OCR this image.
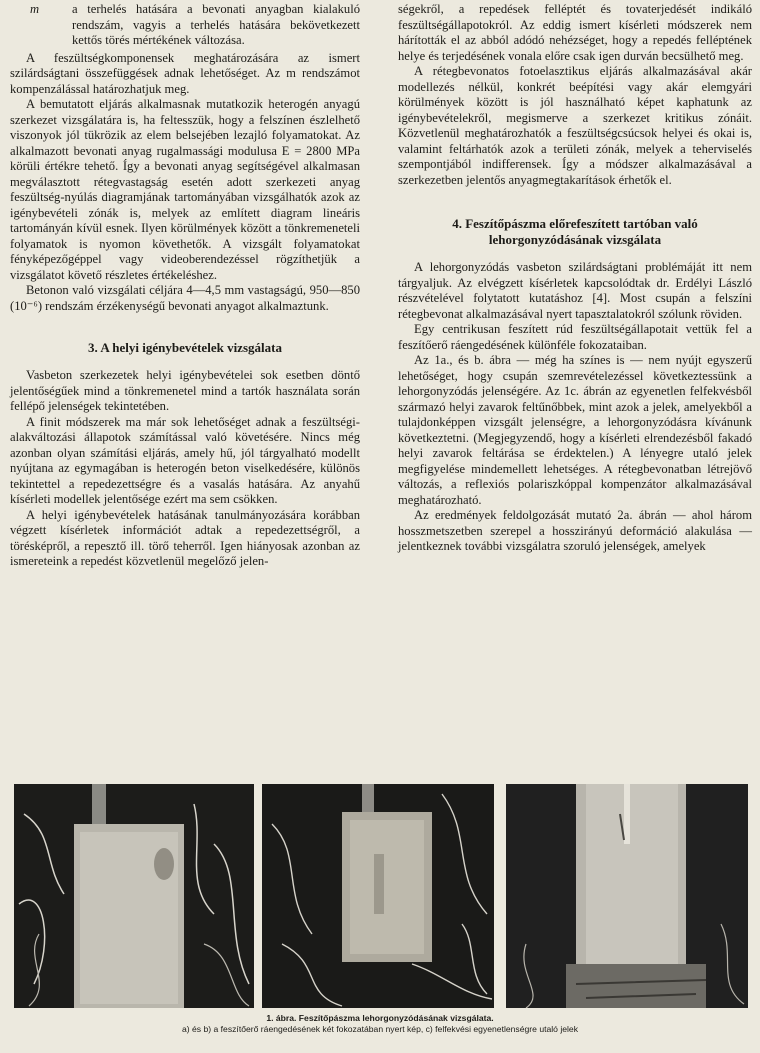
m	a terhelés hatására a bevonati anyagban kialakuló rendszám, vagyis a terhelés hatására bekövetkezett kettős törés mértékének változása.

A feszültségkomponensek meghatározására az ismert szilárdságtani összefüggések adnak lehetőséget. Az m rendszámot kompenzálással határozhatjuk meg.

A bemutatott eljárás alkalmasnak mutatkozik heterogén anyagú szerkezet vizsgálatára is, ha feltesszük, hogy a felszínen észlelhető viszonyok jól tükrözik az elem belsejében lezajló folyamatokat. Az alkalmazott bevonati anyag rugalmassági modulusa E = 2800 MPa körüli értékre tehető. Így a bevonati anyag segítségével alkalmasan megválasztott rétegvastagság esetén adott szerkezeti anyag feszültség-nyúlás diagramjának tartományában vizsgálhatók azok az igénybevételi zónák is, melyek az említett diagram lineáris tartományán kívül esnek. Ilyen körülmények között a tönkremeneteli folyamatok is nyomon követhetők. A vizsgált folyamatokat fényképezőgéppel vagy videoberendezéssel rögzíthetjük a vizsgálatot követő részletes értékeléshez.

Betonon való vizsgálati céljára 4—4,5 mm vastagságú, 950—850 (10⁻⁶) rendszám érzékenységű bevonati anyagot alkalmaztunk.

3. A helyi igénybevételek vizsgálata

Vasbeton szerkezetek helyi igénybevételei sok esetben döntő jelentőségűek mind a tönkremenetel mind a tartók használata során fellépő jelenségek tekintetében.

A finit módszerek ma már sok lehetőséget adnak a feszültségi-alakváltozási állapotok számítással való követésére. Nincs még azonban olyan számítási eljárás, amely hű, jól tárgyalható modellt nyújtana az egymagában is heterogén beton viselkedésére, különös tekintettel a repedezettségre és a vasalás hatására. Az anyahű kísérleti modellek jelentősége ezért ma sem csökken.

A helyi igénybevételek hatásának tanulmányozására korábban végzett kísérletek információt adtak a repedezettségről, a törésképről, a repesztő ill. törő teherről. Igen hiányosak azonban az ismereteink a repedést közvetlenül megelőző jelen-

ségekről, a repedések felléptét és tovaterjedését indikáló feszültségállapotokról. Az eddig ismert kísérleti módszerek nem hárították el az abból adódó nehézséget, hogy a repedés felléptének helye és terjedésének vonala előre csak igen durván becsülhető meg.

A rétegbevonatos fotoelasztikus eljárás alkalmazásával akár modellezés nélkül, konkrét beépítési vagy akár elemgyári körülmények között is jól használható képet kaphatunk az igénybevételekről, megismerve a szerkezet kritikus zónáit. Közvetlenül meghatározhatók a feszültségcsúcsok helyei és okai is, valamint feltárhatók azok a területi zónák, melyek a teherviselés szempontjából indifferensek. Így a módszer alkalmazásával a szerkezetben jelentős anyagmegtakarítások érhetők el.

4. Feszítőpászma előrefeszített tartóban való lehorgonyzódásának vizsgálata

A lehorgonyzódás vasbeton szilárdságtani problémáját itt nem tárgyaljuk. Az elvégzett kísérletek kapcsolódtak dr. Erdélyi László részvételével folytatott kutatáshoz [4]. Most csupán a felszíni rétegbevonat alkalmazásával nyert tapasztalatokról szólunk röviden.

Egy centrikusan feszített rúd feszültségállapotait vettük fel a feszítőerő ráengedésének különféle fokozataiban.

Az 1a., és b. ábra — még ha színes is — nem nyújt egyszerű lehetőséget, hogy csupán szemrevételezéssel következtessünk a lehorgonyzódás jelenségére. Az 1c. ábrán az egyenetlen felfekvésből származó helyi zavarok feltűnőbbek, mint azok a jelek, amelyekből a tulajdonképpen vizsgált jelenségre, a lehorgonyzódásra kívánunk következtetni. (Megjegyzendő, hogy a kísérleti elrendezésből fakadó helyi zavarok feltárása se érdektelen.) A lényegre utaló jelek megfigyelése mindemellett lehetséges. A rétegbevonatban létrejövő változás, a reflexiós polariszkóppal kompenzátor alkalmazásával meghatározható.

Az eredmények feldolgozását mutató 2a. ábrán — ahol három hosszmetszetben szerepel a hosszirányú deformáció alakulása — jelentkeznek további vizsgálatra szoruló jelenségek, amelyek

1. ábra. Feszítőpászma lehorgonyzódásának vizsgálata.
a) és b) a feszítőerő ráengedésének két fokozatában nyert kép, c) felfekvési egyenetlenségre utaló jelek
